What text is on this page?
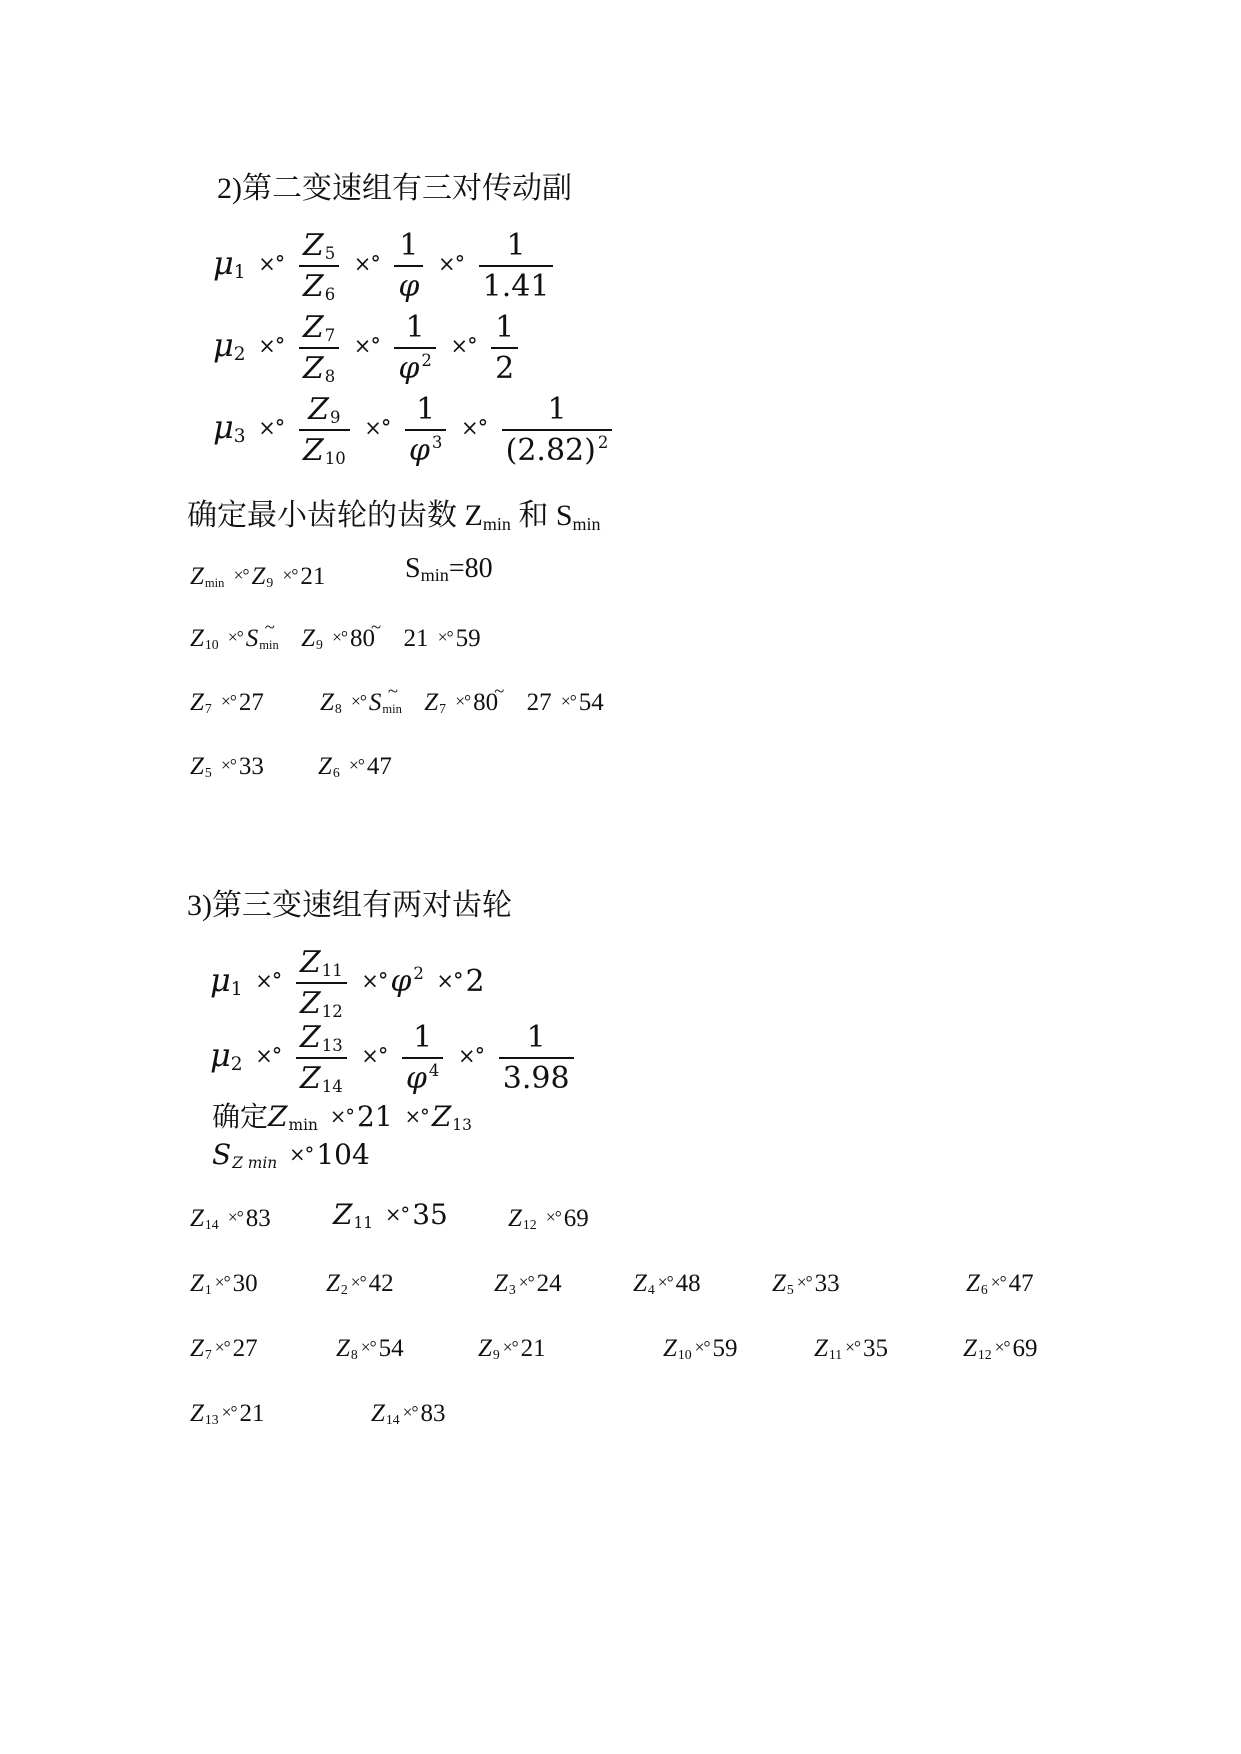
2)第二变速组有三对传动副
μ1 ×° $\frac{Z5}{Z6}$ ×° $\frac{1}{\varphi}$ ×° $\frac{1}{1.41}$
μ2 ×° $\frac{Z7}{Z8}$ ×° $\frac{1}{\varphi ^2}$ ×° $\frac{1}{2}$
μ3 ×° $\frac{Z9}{Z10}$ ×° $\frac{1}{\varphi ^3}$ ×° $\frac{1}{(2.82) ^2}$
确定最小齿轮的齿数 Zmin 和 Smin
Zmin ×° Z9 ×° 21	Smin=80
Z10 ×° Smin~ Z9 ×° 80~ 21 ×° 59
Z7 ×° 27 Z8 ×° Smin~ Z7 ×° 80~ 27 ×° 54
Z5 ×° 33 Z6 ×° 47
3)第三变速组有两对齿轮
μ1 ×° $\frac{Z11}{Z12}$ ×° φ $^2$ ×° 2
μ2 ×° $\frac{Z13}{Z14}$ ×° $\frac{1}{\varphi ^4}$ ×° $\frac{1}{3.98}$
确定Zmin ×° 21 ×° Z13
SZ min ×° 104
Z14 ×° 83 Z11 ×° 35 Z12 ×° 69
Z1 ×° 30	Z2 ×° 42	Z3 ×° 24	Z4 ×° 48	Z5 ×° 33	Z6 ×° 47
Z7 ×° 27	Z8 ×° 54	Z9 ×° 21	Z10 ×° 59	Z11 ×° 35	Z12 ×° 69
Z13 ×° 21	Z14 ×° 83
